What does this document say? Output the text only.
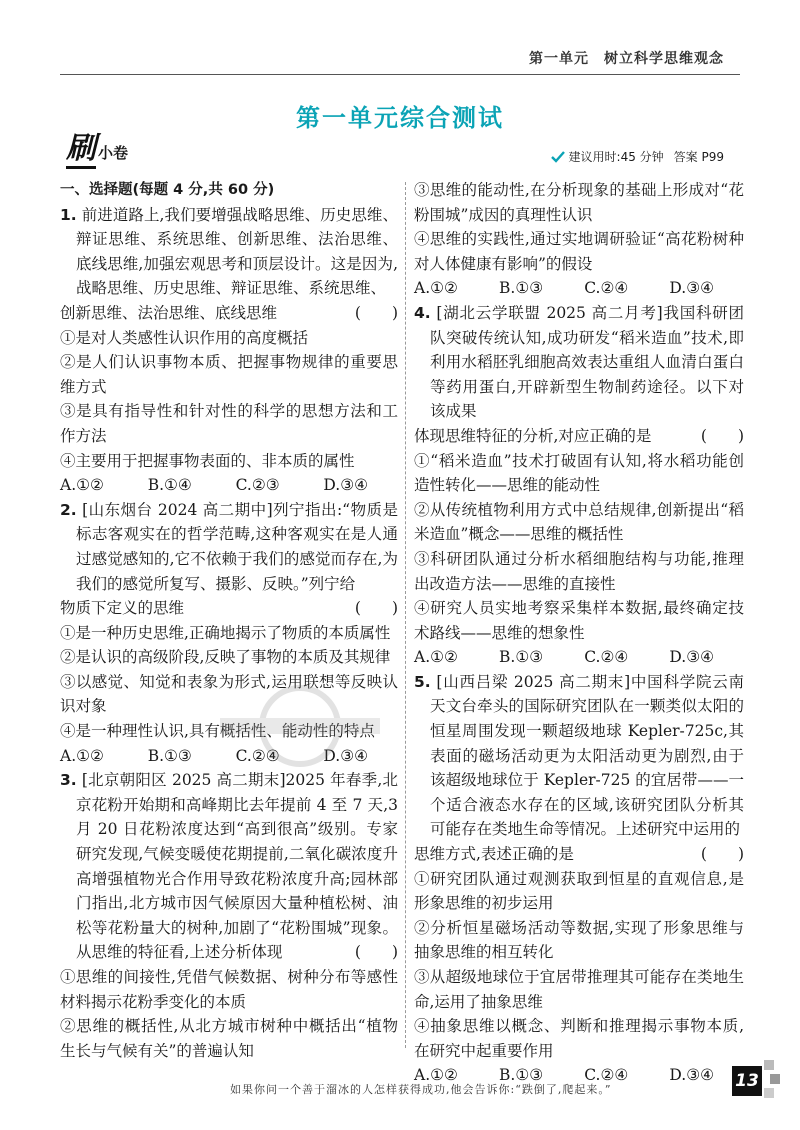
第一单元　树立科学思维观念
第一单元综合测试
刷 小卷	建议用时:45 分钟 答案 P99
一、选择题(每题 4 分,共 60 分)
1. 前进道路上,我们要增强战略思维、历史思维、辩证思维、系统思维、创新思维、法治思维、底线思维,加强宏观思考和顶层设计。这是因为,战略思维、历史思维、辩证思维、系统思维、
创新思维、法治思维、底线思维	(　　)
①是对人类感性认识作用的高度概括
②是人们认识事物本质、把握事物规律的重要思维方式
③是具有指导性和针对性的科学的思想方法和工作方法
④主要用于把握事物表面的、非本质的属性
A.①②	B.①④	C.②③	D.③④
2. [山东烟台 2024 高二期中]列宁指出:“物质是标志客观实在的哲学范畴,这种客观实在是人通过感觉感知的,它不依赖于我们的感觉而存在,为我们的感觉所复写、摄影、反映。”列宁给
物质下定义的思维	(　　)
①是一种历史思维,正确地揭示了物质的本质属性
②是认识的高级阶段,反映了事物的本质及其规律
③以感觉、知觉和表象为形式,运用联想等反映认识对象
④是一种理性认识,具有概括性、能动性的特点
A.①②	B.①③	C.②④	D.③④
3. [北京朝阳区 2025 高二期末]2025 年春季,北京花粉开始期和高峰期比去年提前 4 至 7 天,3 月 20 日花粉浓度达到“高到很高”级别。专家研究发现,气候变暖使花期提前,二氧化碳浓度升高增强植物光合作用导致花粉浓度升高;园林部门指出,北方城市因气候原因大量种植松树、油松等花粉量大的树种,加剧了“花粉围城”现象。从思维的特征看,上述分析体现	(　　)
①思维的间接性,凭借气候数据、树种分布等感性材料揭示花粉季变化的本质
②思维的概括性,从北方城市树种中概括出“植物生长与气候有关”的普遍认知
③思维的能动性,在分析现象的基础上形成对“花粉围城”成因的真理性认识
④思维的实践性,通过实地调研验证“高花粉树种对人体健康有影响”的假设
A.①②	B.①③	C.②④	D.③④
4. [湖北云学联盟 2025 高二月考]我国科研团队突破传统认知,成功研发“稻米造血”技术,即利用水稻胚乳细胞高效表达重组人血清白蛋白等药用蛋白,开辟新型生物制药途径。以下对该成果
体现思维特征的分析,对应正确的是	(　　)
①“稻米造血”技术打破固有认知,将水稻功能创造性转化——思维的能动性
②从传统植物利用方式中总结规律,创新提出“稻米造血”概念——思维的概括性
③科研团队通过分析水稻细胞结构与功能,推理出改造方法——思维的直接性
④研究人员实地考察采集样本数据,最终确定技术路线——思维的想象性
A.①②	B.①③	C.②④	D.③④
5. [山西吕梁 2025 高二期末]中国科学院云南天文台牵头的国际研究团队在一颗类似太阳的恒星周围发现一颗超级地球 Kepler-725c,其表面的磁场活动更为太阳活动更为剧烈,由于该超级地球位于 Kepler-725 的宜居带——一个适合液态水存在的区域,该研究团队分析其可能存在类地生命等情况。上述研究中运用的
思维方式,表述正确的是	(　　)
①研究团队通过观测获取到恒星的直观信息,是形象思维的初步运用
②分析恒星磁场活动等数据,实现了形象思维与抽象思维的相互转化
③从超级地球位于宜居带推理其可能存在类地生命,运用了抽象思维
④抽象思维以概念、判断和推理揭示事物本质,在研究中起重要作用
A.①②	B.①③	C.②④	D.③④
如果你问一个善于溜冰的人怎样获得成功,他会告诉你:“跌倒了,爬起来。”	13
